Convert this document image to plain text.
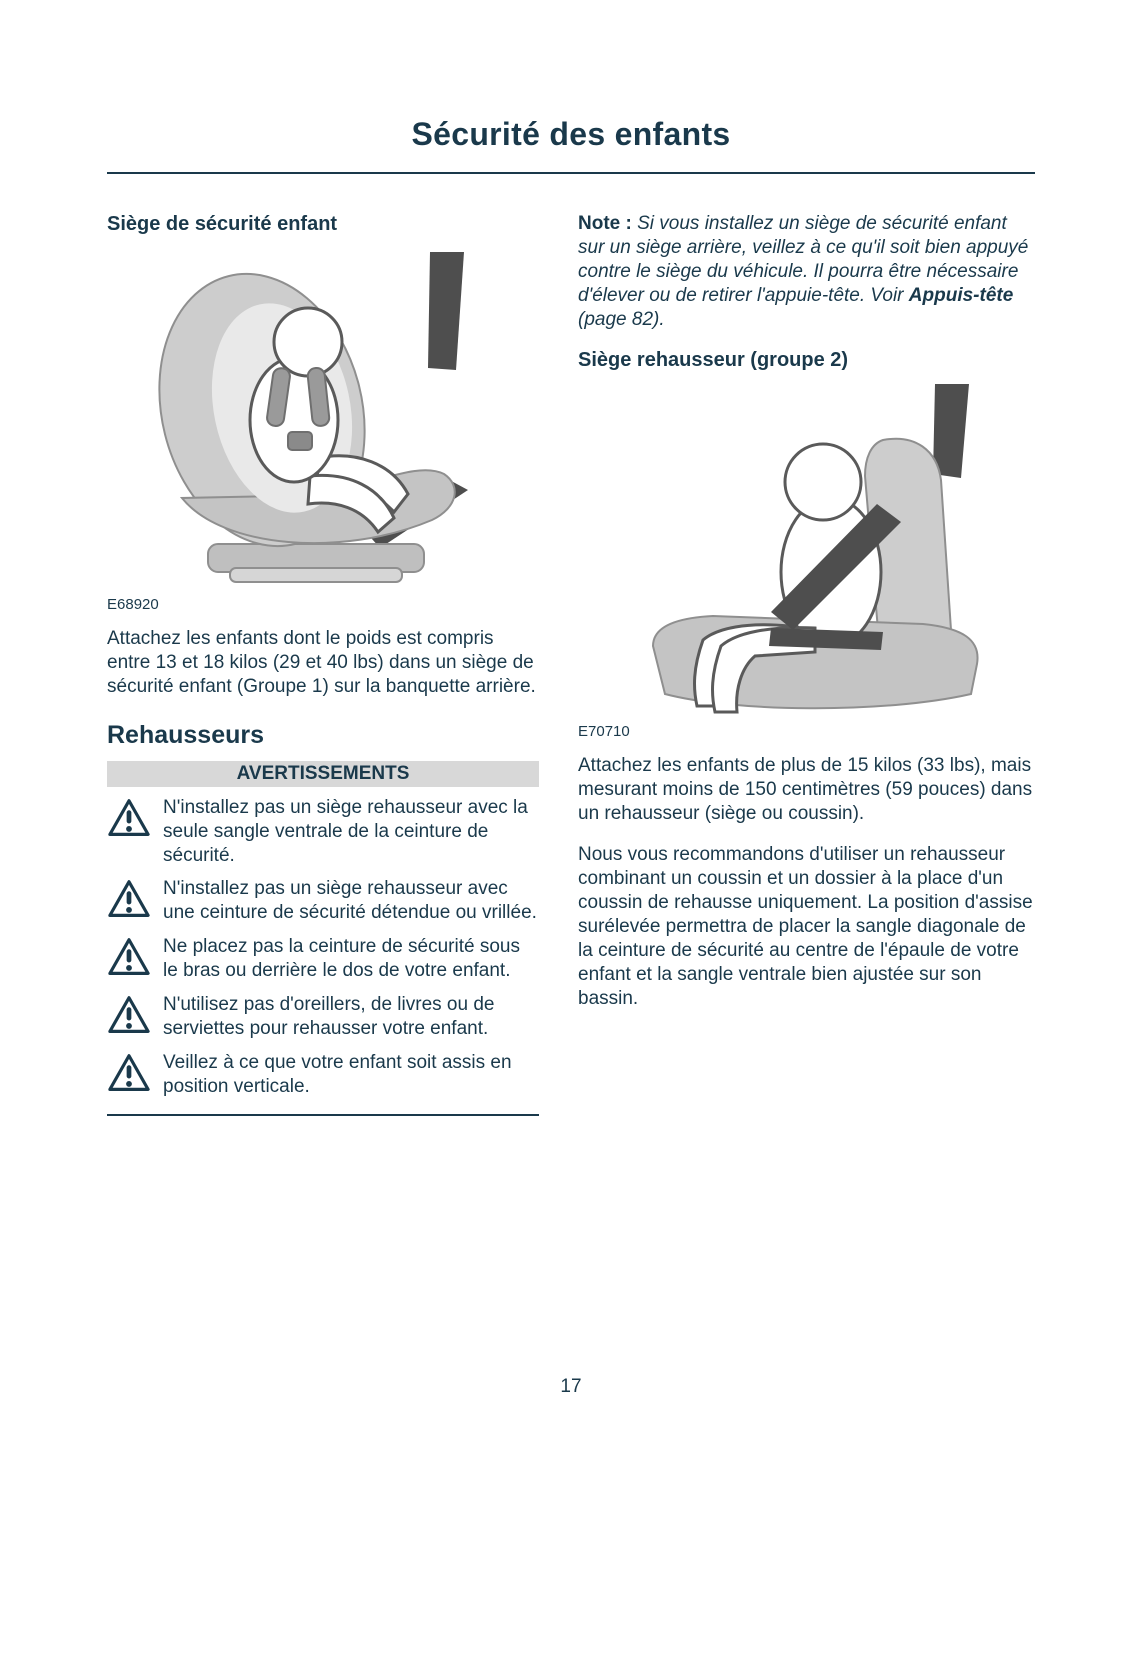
Sécurité des enfants
Siège de sécurité enfant
E68920

Attachez les enfants dont le poids est compris entre 13 et 18 kilos (29 et 40 lbs) dans un siège de sécurité enfant (Groupe 1) sur la banquette arrière.

Rehausseurs
AVERTISSEMENTS

N'installez pas un siège rehausseur avec la seule sangle ventrale de la ceinture de sécurité.

N'installez pas un siège rehausseur avec une ceinture de sécurité détendue ou vrillée.

Ne placez pas la ceinture de sécurité sous le bras ou derrière le dos de votre enfant.

N'utilisez pas d'oreillers, de livres ou de serviettes pour rehausser votre enfant.

Veillez à ce que votre enfant soit assis en position verticale.

Note : Si vous installez un siège de sécurité enfant sur un siège arrière, veillez à ce qu'il soit bien appuyé contre le siège du véhicule. Il pourra être nécessaire d'élever ou de retirer l'appuie-tête. Voir Appuis-tête (page 82).

Siège rehausseur (groupe 2)
E70710

Attachez les enfants de plus de 15 kilos (33 lbs), mais mesurant moins de 150 centimètres (59 pouces) dans un rehausseur (siège ou coussin).

Nous vous recommandons d'utiliser un rehausseur combinant un coussin et un dossier à la place d'un coussin de rehausse uniquement. La position d'assise surélevée permettra de placer la sangle diagonale de la ceinture de sécurité au centre de l'épaule de votre enfant et la sangle ventrale bien ajustée sur son bassin.

17
